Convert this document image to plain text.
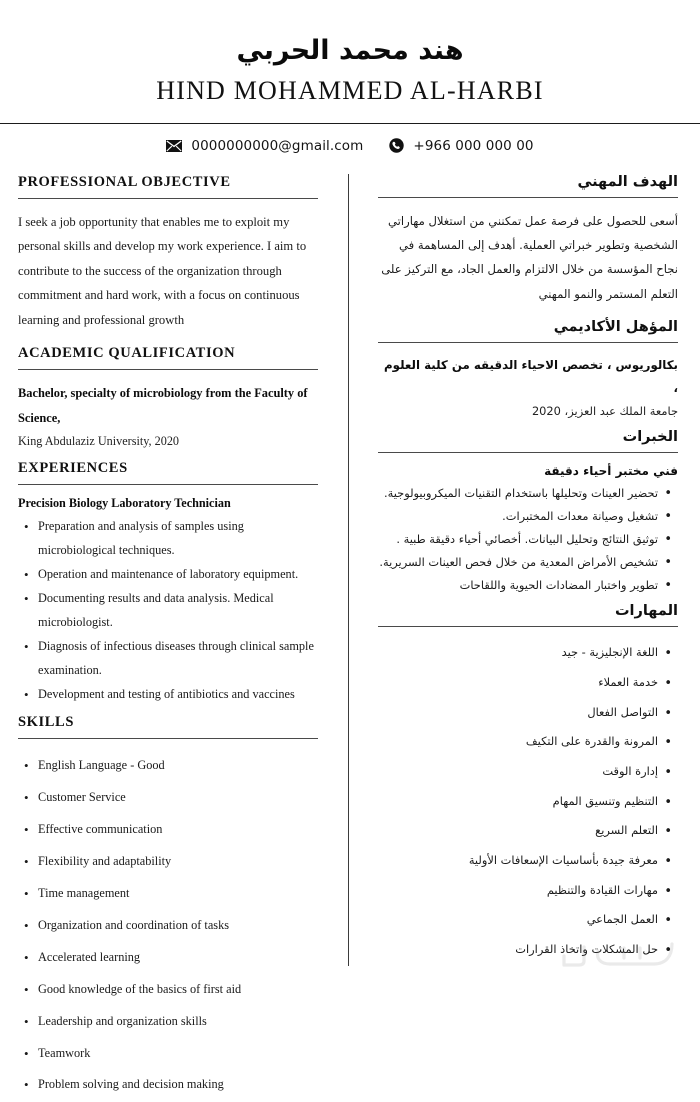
هند محمد الحربي
HIND MOHAMMED AL-HARBI
0000000000@gmail.com	+966 000 000 00
PROFESSIONAL OBJECTIVE

I seek a job opportunity that enables me to exploit my personal skills and develop my work experience. I aim to contribute to the success of the organization through commitment and hard work, with a focus on continuous learning and professional growth

ACADEMIC QUALIFICATION

Bachelor, specialty of microbiology from the Faculty of Science,

King Abdulaziz University, 2020

EXPERIENCES

Precision Biology Laboratory Technician

• Preparation and analysis of samples using microbiological techniques.
• Operation and maintenance of laboratory equipment.
• Documenting results and data analysis. Medical microbiologist.
• Diagnosis of infectious diseases through clinical sample examination.
• Development and testing of antibiotics and vaccines
SKILLS
• English Language - Good
• Customer Service
• Effective communication
• Flexibility and adaptability
• Time management
• Organization and coordination of tasks
• Accelerated learning
• Good knowledge of the basics of first aid
• Leadership and organization skills
• Teamwork
• Problem solving and decision making
الهدف المهني

أسعى للحصول على فرصة عمل تمكنني من استغلال مهاراتي الشخصية وتطوير خبراتي العملية. أهدف إلى المساهمة في نجاح المؤسسة من خلال الالتزام والعمل الجاد، مع التركيز على التعلم المستمر والنمو المهني

المؤهل الأكاديمي

بكالوريوس ، تخصص الاحياء الدقيقه من كلية العلوم ،

جامعة الملك عبد العزيز، 2020

الخبرات

فني مختبر أحياء دقيقة

• تحضير العينات وتحليلها باستخدام التقنيات الميكروبيولوجية.
• تشغيل وصيانة معدات المختبرات.
• توثيق النتائج وتحليل البيانات. أخصائي أحياء دقيقة طبية .
• تشخيص الأمراض المعدية من خلال فحص العينات السريرية.
• تطوير واختبار المضادات الحيوية واللقاحات
المهارات
• اللغة الإنجليزية - جيد
• خدمة العملاء
• التواصل الفعال
• المرونة والقدرة على التكيف
• إدارة الوقت
• التنظيم وتنسيق المهام
• التعلم السريع
• معرفة جيدة بأساسيات الإسعافات الأولية
• مهارات القيادة والتنظيم
• العمل الجماعي
• حل المشكلات واتخاذ القرارات
